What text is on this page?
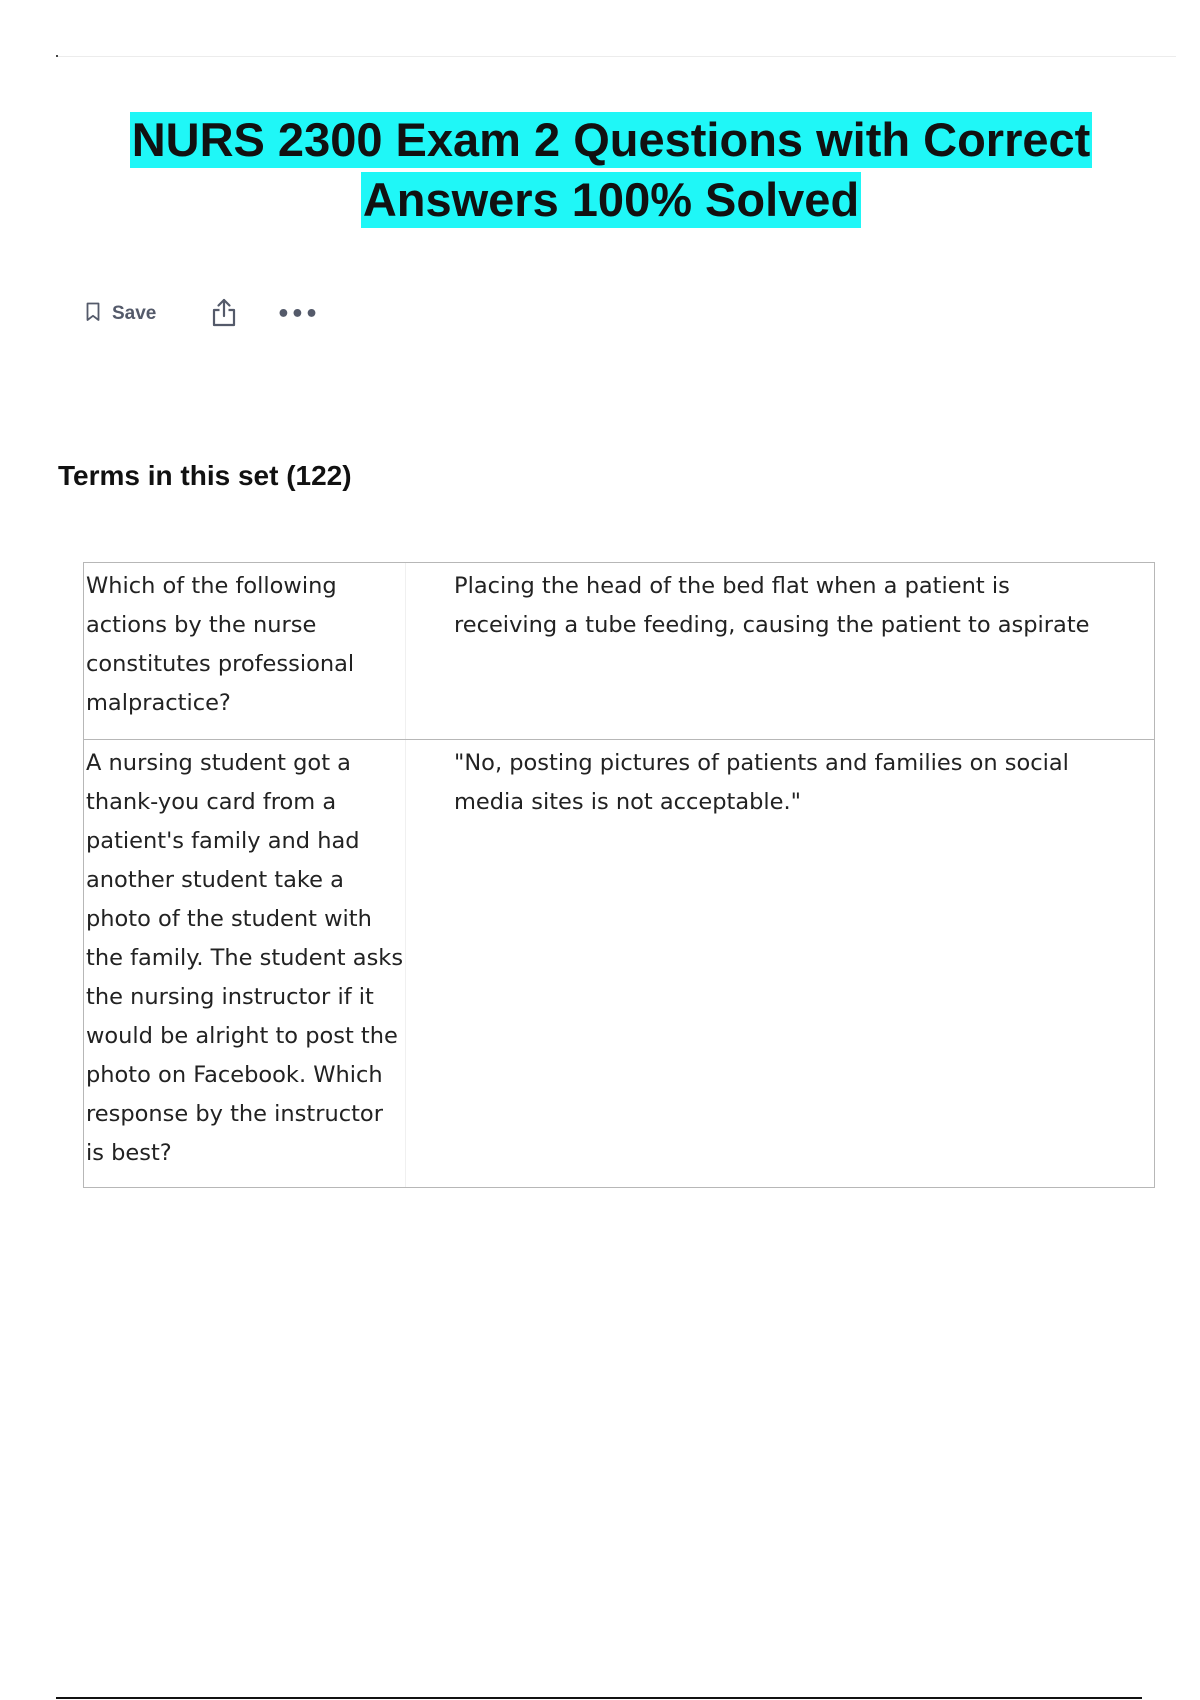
NURS 2300 Exam 2 Questions with Correct
Answers 100% Solved
Save	•••
Terms in this set (122)
Which of the following actions by the nurse constitutes professional malpractice?
Placing the head of the bed flat when a patient is receiving a tube feeding, causing the patient to aspirate
A nursing student got a thank-you card from a patient's family and had another student take a photo of the student with the family. The student asks the nursing instructor if it would be alright to post the photo on Facebook. Which response by the instructor is best?
"No, posting pictures of patients and families on social media sites is not acceptable."
